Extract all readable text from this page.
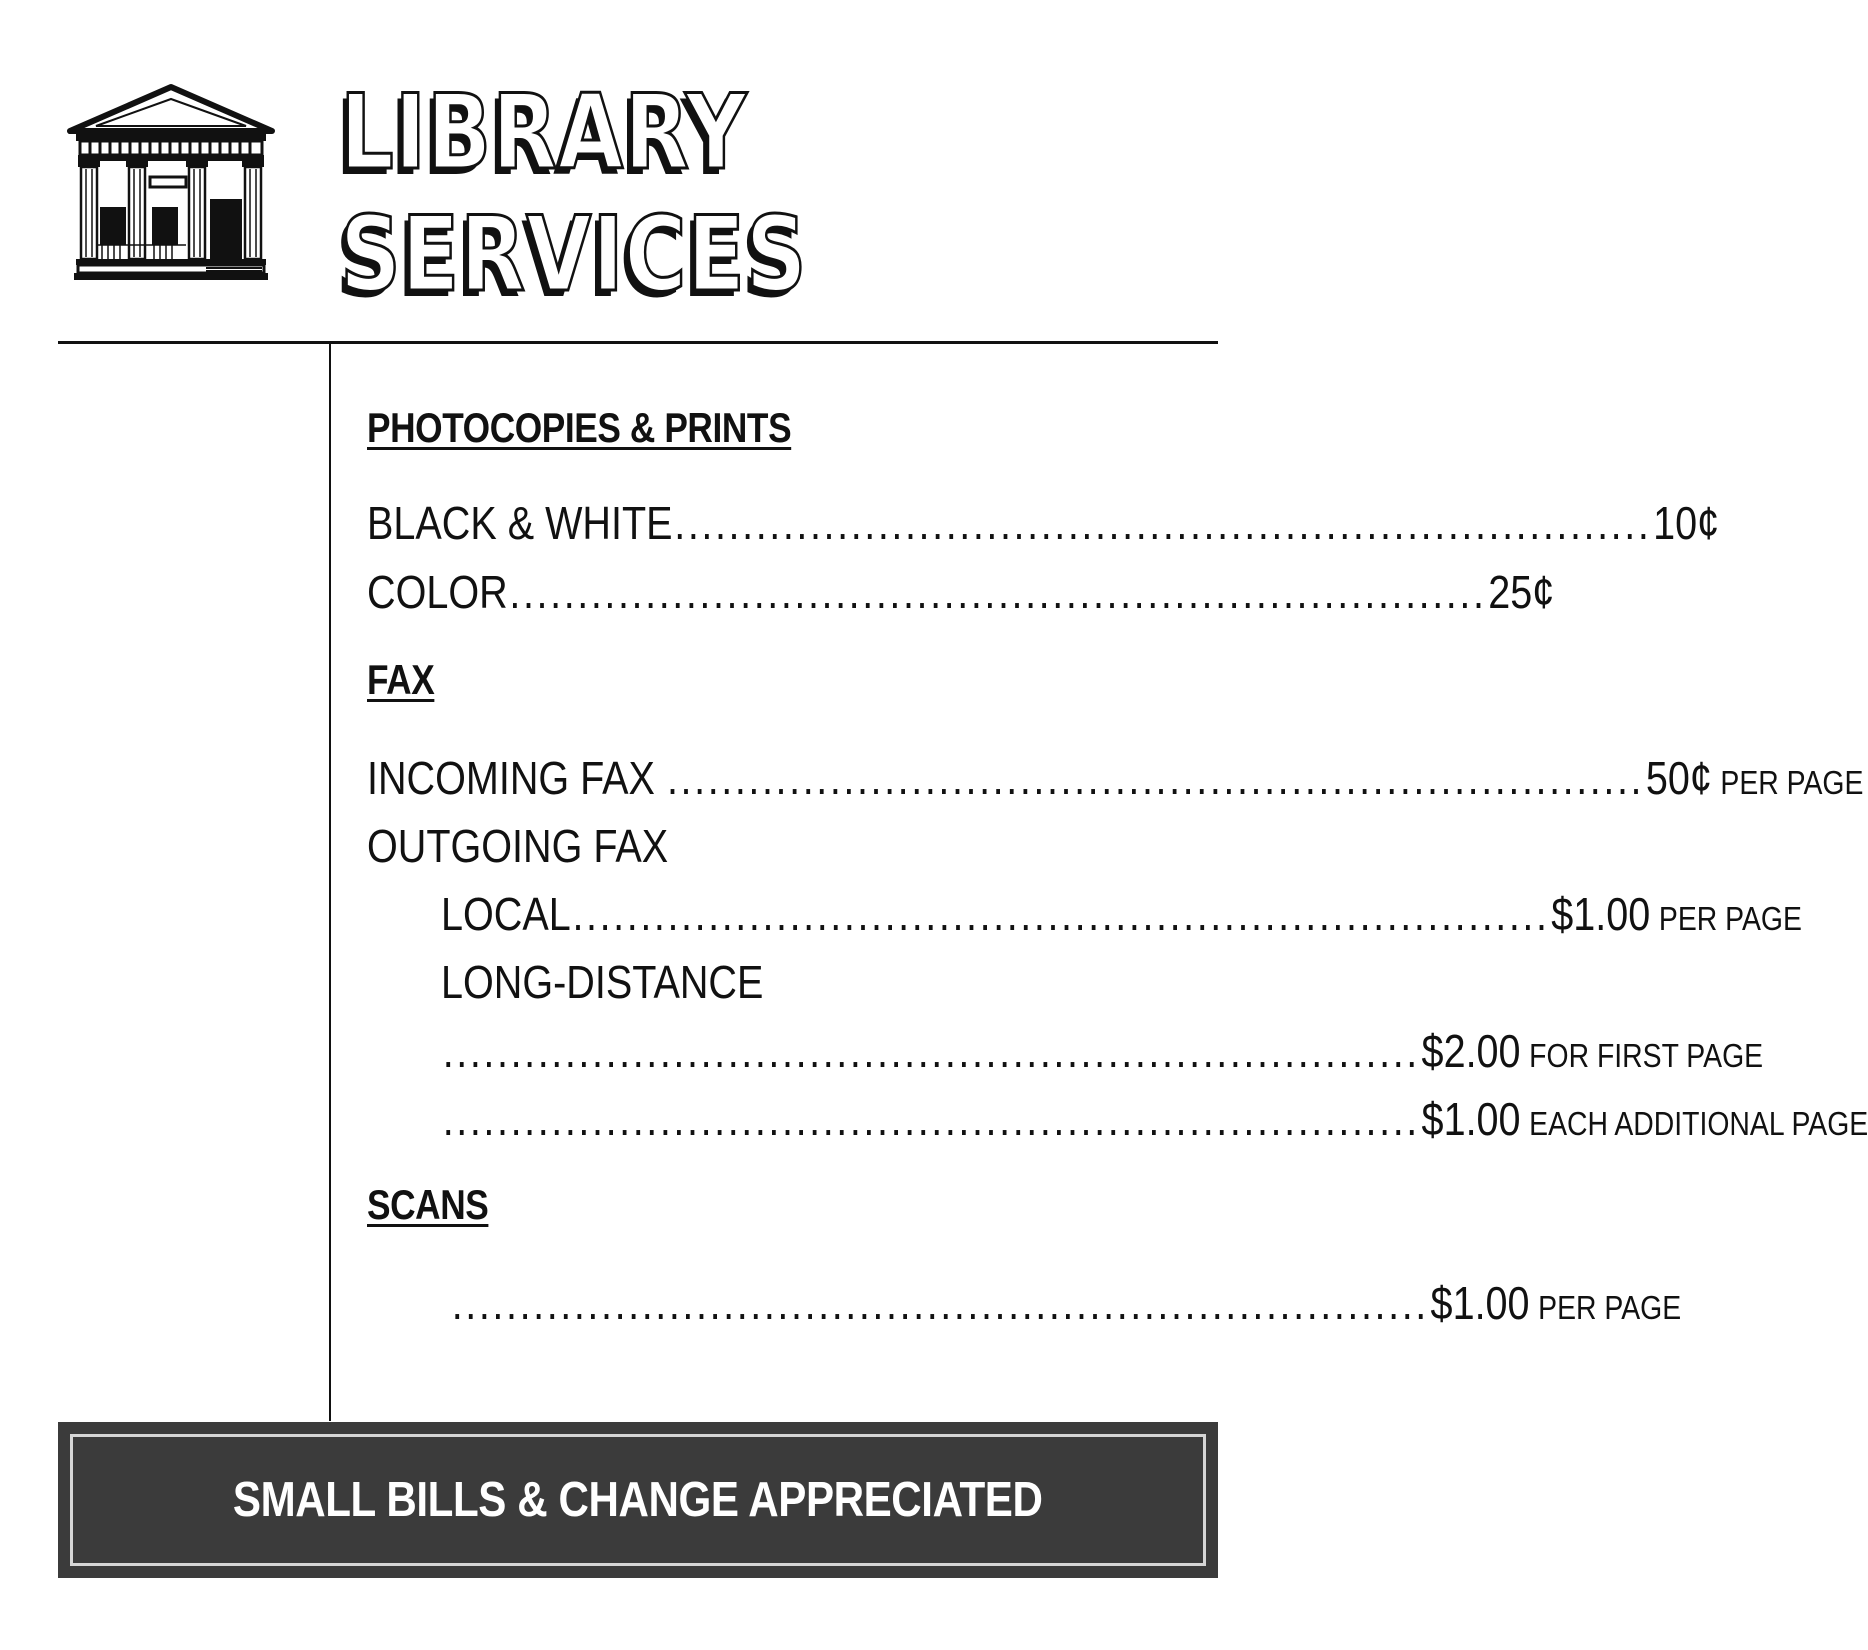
LIBRARY
SERVICES
PHOTOCOPIES & PRINTS
BLACK & WHITE ........................................................................ 10¢
COLOR ........................................................................ 25¢
FAX
INCOMING FAX ........................................................................ 50¢ PER PAGE
OUTGOING FAX
LOCAL ........................................................................ $1.00 PER PAGE
LONG-DISTANCE
........................................................................ $2.00 FOR FIRST PAGE
........................................................................ $1.00 EACH ADDITIONAL PAGE
SCANS
........................................................................ $1.00 PER PAGE
SMALL BILLS & CHANGE APPRECIATED
